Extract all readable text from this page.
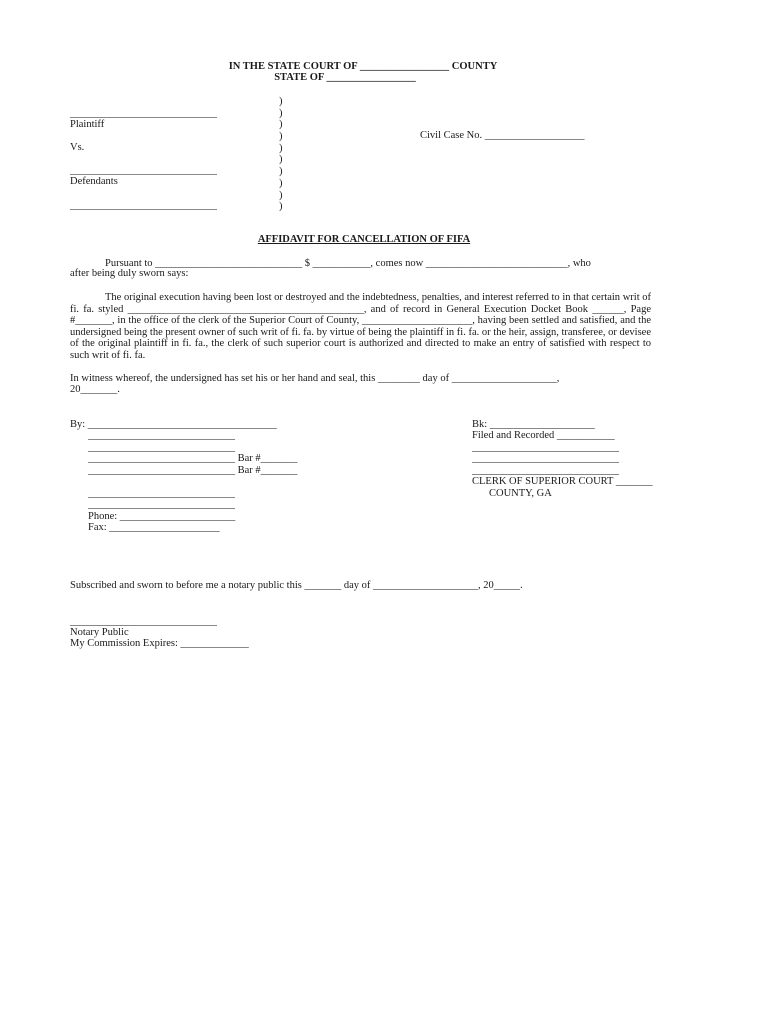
IN THE STATE COURT OF _________________ COUNTY
STATE OF _________________
____________________________
Plaintiff
Vs.
____________________________
Defendants
____________________________
)
)
)
)
)
)
)
)
)
)
Civil Case No. ___________________
AFFIDAVIT FOR CANCELLATION OF FIFA
Pursuant to ____________________________ $ ___________, comes now ___________________________, who
after being duly sworn says:
The original execution having been lost or destroyed and the indebtedness, penalties, and interest referred to in that certain writ of fi. fa. styled _____________________________________________, and of record in General Execution Docket Book ______, Page #_______, in the office of the clerk of the Superior Court of County, _____________________, having been settled and satisfied, and the undersigned being the present owner of such writ of fi. fa. by virtue of being the plaintiff in fi. fa. or the heir, assign, transferee, or devisee of the original plaintiff in fi. fa., the clerk of such superior court is authorized and directed to make an entry of satisfied with respect to such writ of fi. fa.
In witness whereof, the undersigned has set his or her hand and seal, this ________ day of ____________________,
20_______.
By: ____________________________________
____________________________
____________________________
____________________________ Bar #_______
____________________________ Bar #_______
____________________________
____________________________
Phone: ______________________
Fax: _____________________
Bk: ____________________
Filed and Recorded ___________
____________________________
____________________________
____________________________
CLERK OF SUPERIOR COURT _______
COUNTY, GA
Subscribed and sworn to before me a notary public this _______ day of ____________________, 20_____.
____________________________
Notary Public
My Commission Expires: _____________
